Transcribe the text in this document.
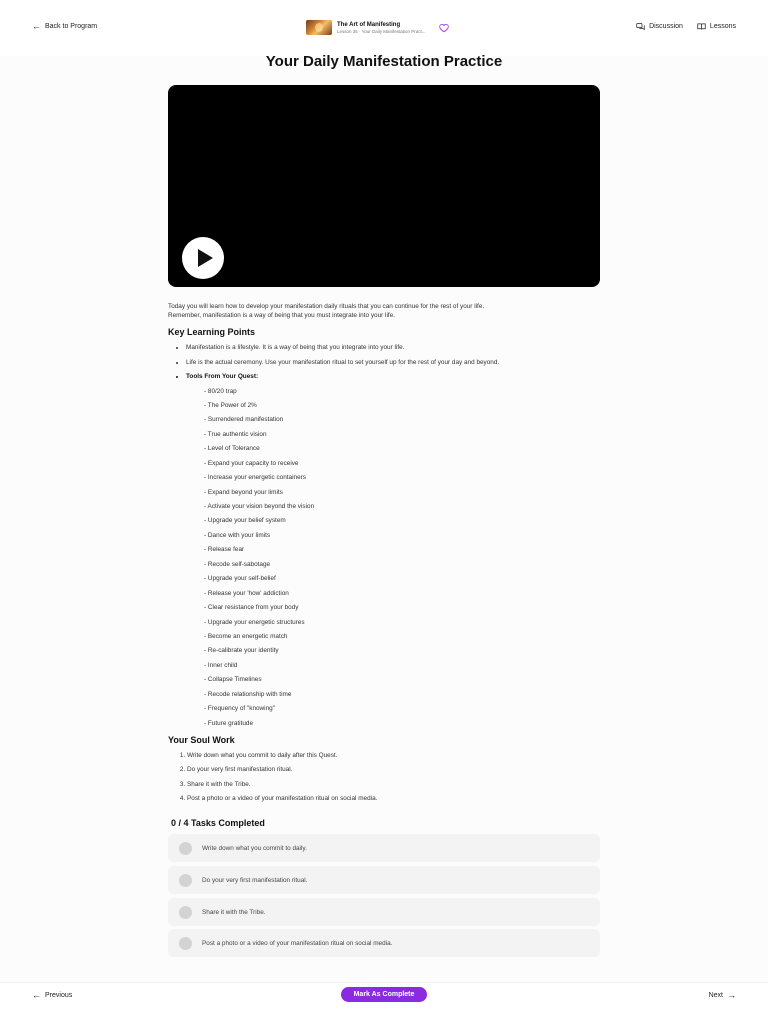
← Back to Program	The Art of Manifesting
Lesson 35 · Your Daily Manifestation Pract...
Discussion	Lessons
Your Daily Manifestation Practice

Today you will learn how to develop your manifestation daily rituals that you can continue for the rest of your life.
Remember, manifestation is a way of being that you must integrate into your life.

Key Learning Points
• Manifestation is a lifestyle. It is a way of being that you integrate into your life.
• Life is the actual ceremony. Use your manifestation ritual to set yourself up for the rest of your day and beyond.
• Tools From Your Quest:
- 80/20 trap
- The Power of 2%
- Surrendered manifestation
- True authentic vision
- Level of Tolerance
- Expand your capacity to receive
- Increase your energetic containers
- Expand beyond your limits
- Activate your vision beyond the vision
- Upgrade your belief system
- Dance with your limits
- Release fear
- Recode self-sabotage
- Upgrade your self-belief
- Release your 'how' addiction
- Clear resistance from your body
- Upgrade your energetic structures
- Become an energetic match
- Re-calibrate your identity
- Inner child
- Collapse Timelines
- Recode relationship with time
- Frequency of "knowing"
- Future gratitude
Your Soul Work
1. Write down what you commit to daily after this Quest.
2. Do your very first manifestation ritual.
3. Share it with the Tribe.
4. Post a photo or a video of your manifestation ritual on social media.
0 / 4 Tasks Completed
Write down what you commit to daily.
Do your very first manifestation ritual.
Share it with the Tribe.
Post a photo or a video of your manifestation ritual on social media.
← Previous	Mark As Complete	Next →
